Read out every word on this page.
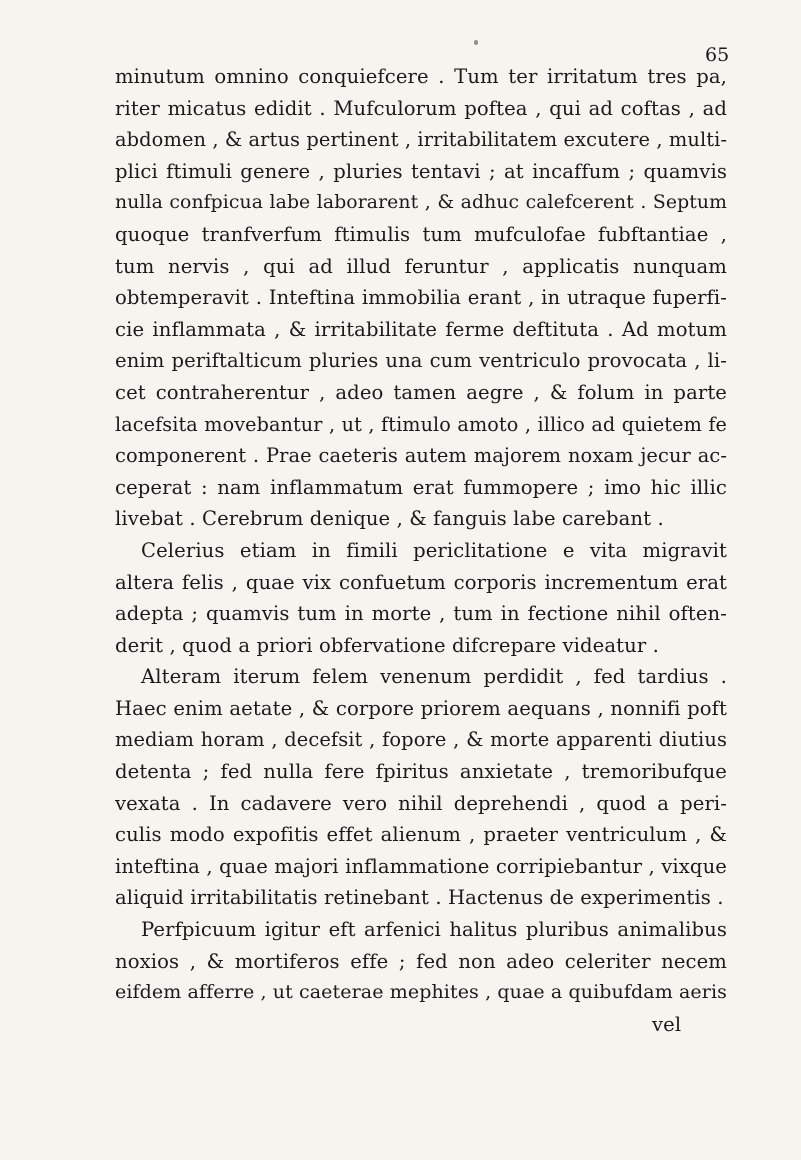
65
minutum omnino conquiefcere . Tum ter irritatum tres pa,
riter micatus edidit . Mufculorum poftea , qui ad coftas , ad
abdomen , & artus pertinent , irritabilitatem excutere , multi-
plici ftimuli genere , pluries tentavi ; at incaffum ; quamvis
nulla confpicua labe laborarent , & adhuc calefcerent . Septum
quoque tranfverfum ftimulis tum mufculofae fubftantiae ,
tum nervis , qui ad illud feruntur , applicatis nunquam
obtemperavit . Inteftina immobilia erant , in utraque fuperfi-
cie inflammata , & irritabilitate ferme deftituta . Ad motum
enim periftalticum pluries una cum ventriculo provocata , li-
cet contraherentur , adeo tamen aegre , & folum in parte
lacefsita movebantur , ut , ftimulo amoto , illico ad quietem fe
componerent . Prae caeteris autem majorem noxam jecur ac-
ceperat : nam inflammatum erat fummopere ; imo hic illic
livebat . Cerebrum denique , & fanguis labe carebant .
Celerius etiam in fimili periclitatione e vita migravit
altera felis , quae vix confuetum corporis incrementum erat
adepta ; quamvis tum in morte , tum in fectione nihil often-
derit , quod a priori obfervatione difcrepare videatur .
Alteram iterum felem venenum perdidit , fed tardius .
Haec enim aetate , & corpore priorem aequans , nonnifi poft
mediam horam , decefsit , fopore , & morte apparenti diutius
detenta ; fed nulla fere fpiritus anxietate , tremoribufque
vexata . In cadavere vero nihil deprehendi , quod a peri-
culis modo expofitis effet alienum , praeter ventriculum , &
inteftina , quae majori inflammatione corripiebantur , vixque
aliquid irritabilitatis retinebant . Hactenus de experimentis .
Perfpicuum igitur eft arfenici halitus pluribus animalibus
noxios , & mortiferos effe ; fed non adeo celeriter necem
eifdem afferre , ut caeterae mephites , quae a quibufdam aeris
vel
